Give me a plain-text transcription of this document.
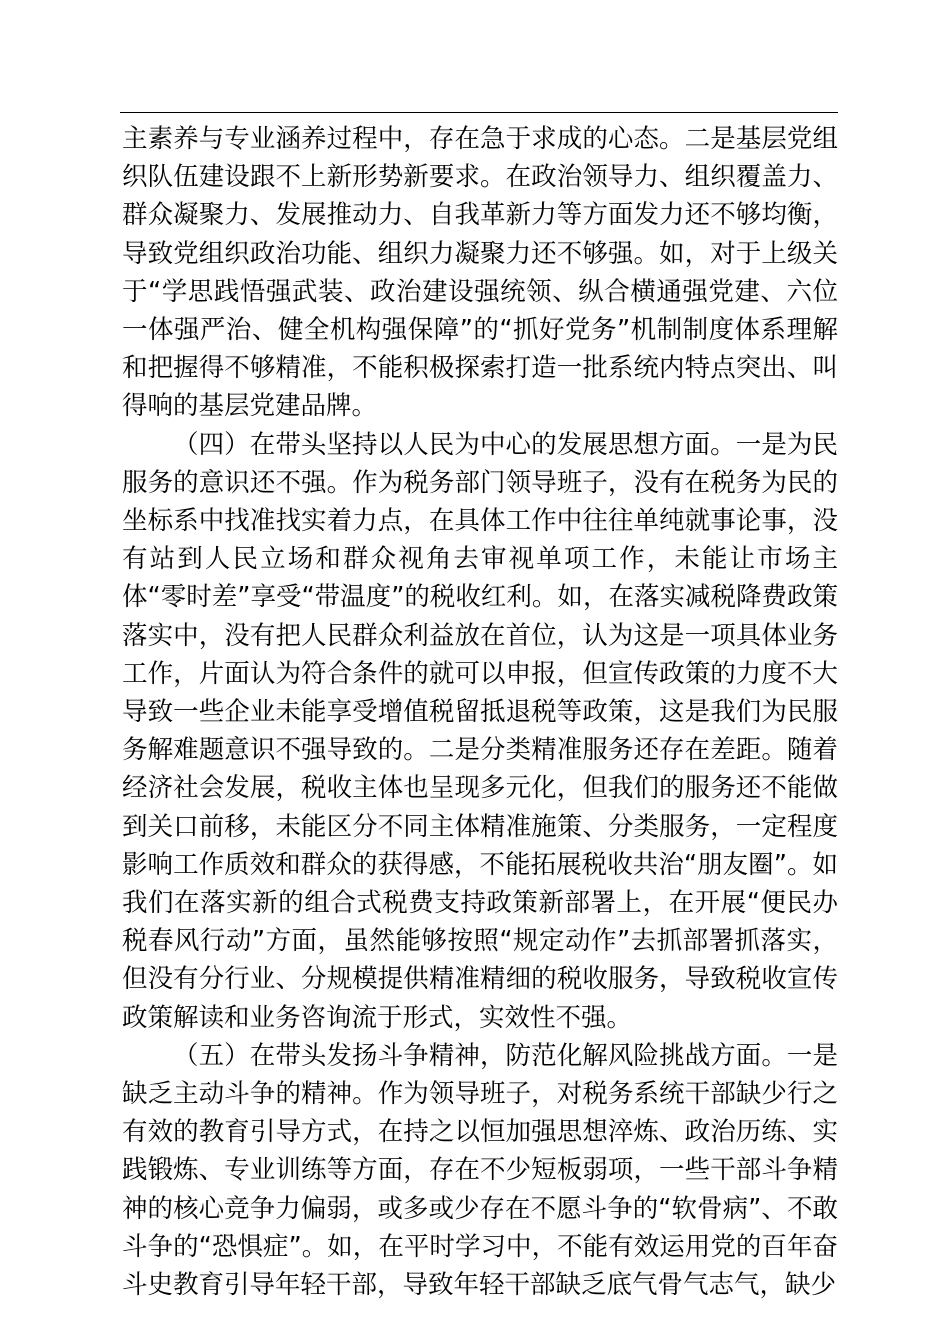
主素养与专业涵养过程中，存在急于求成的心态。二是基层党组织队伍建设跟不上新形势新要求。在政治领导力、组织覆盖力、群众凝聚力、发展推动力、自我革新力等方面发力还不够均衡，导致党组织政治功能、组织力凝聚力还不够强。如，对于上级关于“学思践悟强武装、政治建设强统领、纵合横通强党建、六位一体强严治、健全机构强保障”的“抓好党务”机制制度体系理解和把握得不够精准，不能积极探索打造一批系统内特点突出、叫得响的基层党建品牌。

（四）在带头坚持以人民为中心的发展思想方面。一是为民服务的意识还不强。作为税务部门领导班子，没有在税务为民的坐标系中找准找实着力点，在具体工作中往往单纯就事论事，没有站到人民立场和群众视角去审视单项工作，未能让市场主体“零时差”享受“带温度”的税收红利。如，在落实减税降费政策落实中，没有把人民群众利益放在首位，认为这是一项具体业务工作，片面认为符合条件的就可以申报，但宣传政策的力度不大导致一些企业未能享受增值税留抵退税等政策，这是我们为民服务解难题意识不强导致的。二是分类精准服务还存在差距。随着经济社会发展，税收主体也呈现多元化，但我们的服务还不能做到关口前移，未能区分不同主体精准施策、分类服务，一定程度影响工作质效和群众的获得感，不能拓展税收共治“朋友圈”。如我们在落实新的组合式税费支持政策新部署上，在开展“便民办税春风行动”方面，虽然能够按照“规定动作”去抓部署抓落实，但没有分行业、分规模提供精准精细的税收服务，导致税收宣传政策解读和业务咨询流于形式，实效性不强。

（五）在带头发扬斗争精神，防范化解风险挑战方面。一是缺乏主动斗争的精神。作为领导班子，对税务系统干部缺少行之有效的教育引导方式，在持之以恒加强思想淬炼、政治历练、实践锻炼、专业训练等方面，存在不少短板弱项，一些干部斗争精神的核心竞争力偏弱，或多或少存在不愿斗争的“软骨病”、不敢斗争的“恐惧症”。如，在平时学习中，不能有效运用党的百年奋斗史教育引导年轻干部，导致年轻干部缺乏底气骨气志气，缺少
